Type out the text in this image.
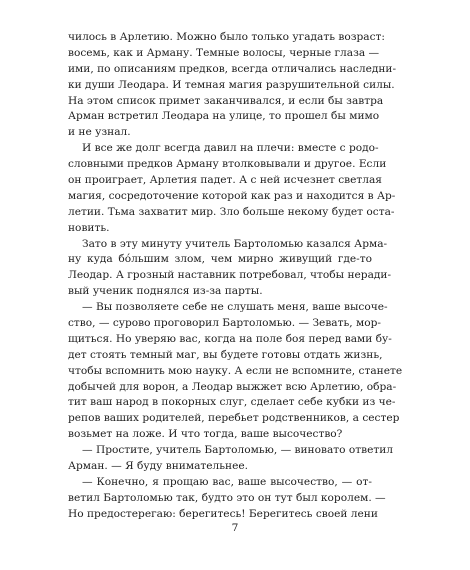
чилось в Арлетию. Можно было только угадать возраст:
восемь, как и Арману. Темные волосы, черные глаза —
ими, по описаниям предков, всегда отличались наследни-
ки души Леодара. И темная магия разрушительной силы.
На этом список примет заканчивался, и если бы завтра
Арман встретил Леодара на улице, то прошел бы мимо
и не узнал.
И все же долг всегда давил на плечи: вместе с родо-
словными предков Арману втолковывали и другое. Если
он проиграет, Арлетия падет. А с ней исчезнет светлая
магия, сосредоточение которой как раз и находится в Ар-
летии. Тьма захватит мир. Зло больше некому будет оста-
новить.
Зато в эту минуту учитель Бартоломью казался Арма-
ну куда бóльшим злом, чем мирно живущий где-то
Леодар. А грозный наставник потребовал, чтобы неради-
вый ученик поднялся из-за парты.
— Вы позволяете себе не слушать меня, ваше высоче-
ство, — сурово проговорил Бартоломью. — Зевать, мор-
щиться. Но уверяю вас, когда на поле боя перед вами бу-
дет стоять темный маг, вы будете готовы отдать жизнь,
чтобы вспомнить мою науку. А если не вспомните, станете
добычей для ворон, а Леодар выжжет всю Арлетию, обра-
тит ваш народ в покорных слуг, сделает себе кубки из че-
репов ваших родителей, перебьет родственников, а сестер
возьмет на ложе. И что тогда, ваше высочество?
— Простите, учитель Бартоломью, — виновато ответил
Арман. — Я буду внимательнее.
— Конечно, я прощаю вас, ваше высочество, — от-
ветил Бартоломью так, будто это он тут был королем. —
Но предостерегаю: берегитесь! Берегитесь своей лени
7
